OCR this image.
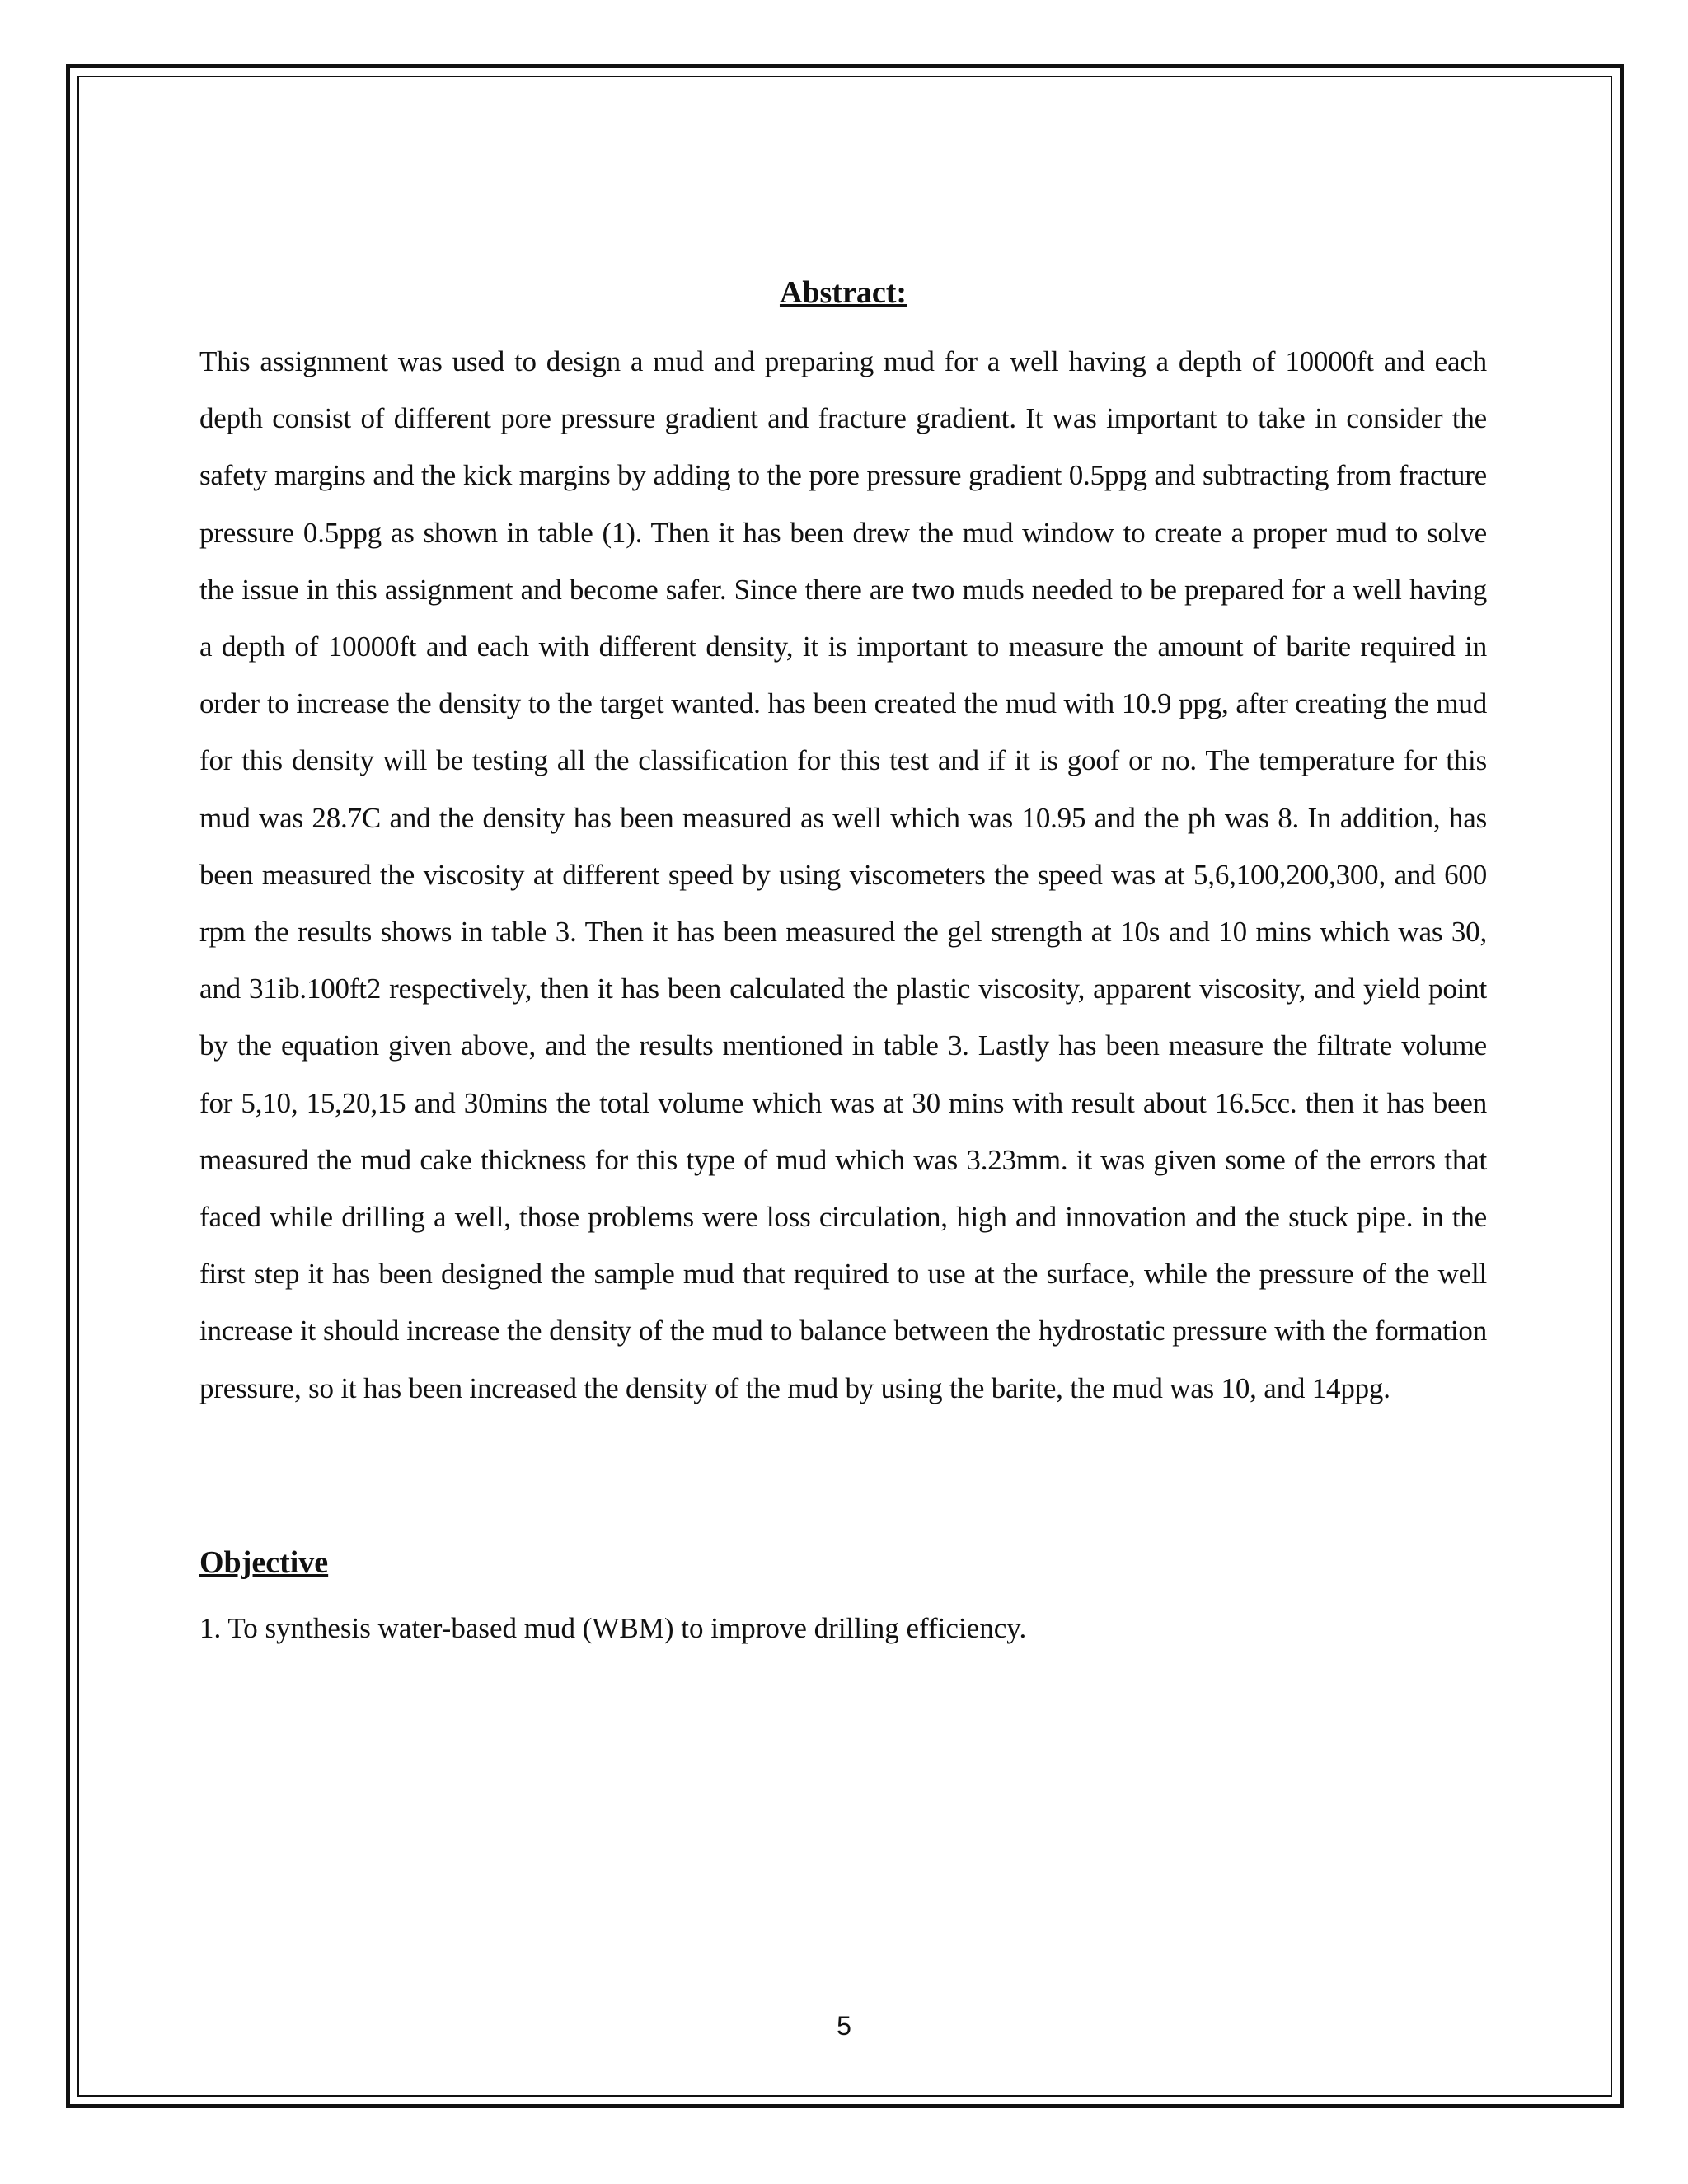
Abstract:

This assignment was used to design a mud and preparing mud for a well having a depth of 10000ft and each depth consist of different pore pressure gradient and fracture gradient. It was important to take in consider the safety margins and the kick margins by adding to the pore pressure gradient 0.5ppg and subtracting from fracture pressure 0.5ppg as shown in table (1). Then it has been drew the mud window to create a proper mud to solve the issue in this assignment and become safer. Since there are two muds needed to be prepared for a well having a depth of 10000ft and each with different density, it is important to measure the amount of barite required in order to increase the density to the target wanted. has been created the mud with 10.9 ppg, after creating the mud for this density will be testing all the classification for this test and if it is goof or no. The temperature for this mud was 28.7C and the density has been measured as well which was 10.95 and the ph was 8. In addition, has been measured the viscosity at different speed by using viscometers the speed was at 5,6,100,200,300, and 600 rpm the results shows in table 3. Then it has been measured the gel strength at 10s and 10 mins which was 30, and 31ib.100ft2 respectively, then it has been calculated the plastic viscosity, apparent viscosity, and yield point by the equation given above, and the results mentioned in table 3. Lastly has been measure the filtrate volume for 5,10, 15,20,15 and 30mins the total volume which was at 30 mins with result about 16.5cc. then it has been measured the mud cake thickness for this type of mud which was 3.23mm. it was given some of the errors that faced while drilling a well, those problems were loss circulation, high and innovation and the stuck pipe. in the first step it has been designed the sample mud that required to use at the surface, while the pressure of the well increase it should increase the density of the mud to balance between the hydrostatic pressure with the formation pressure, so it has been increased the density of the mud by using the barite, the mud was 10, and 14ppg.

Objective

1. To synthesis water-based mud (WBM) to improve drilling efficiency.

5
